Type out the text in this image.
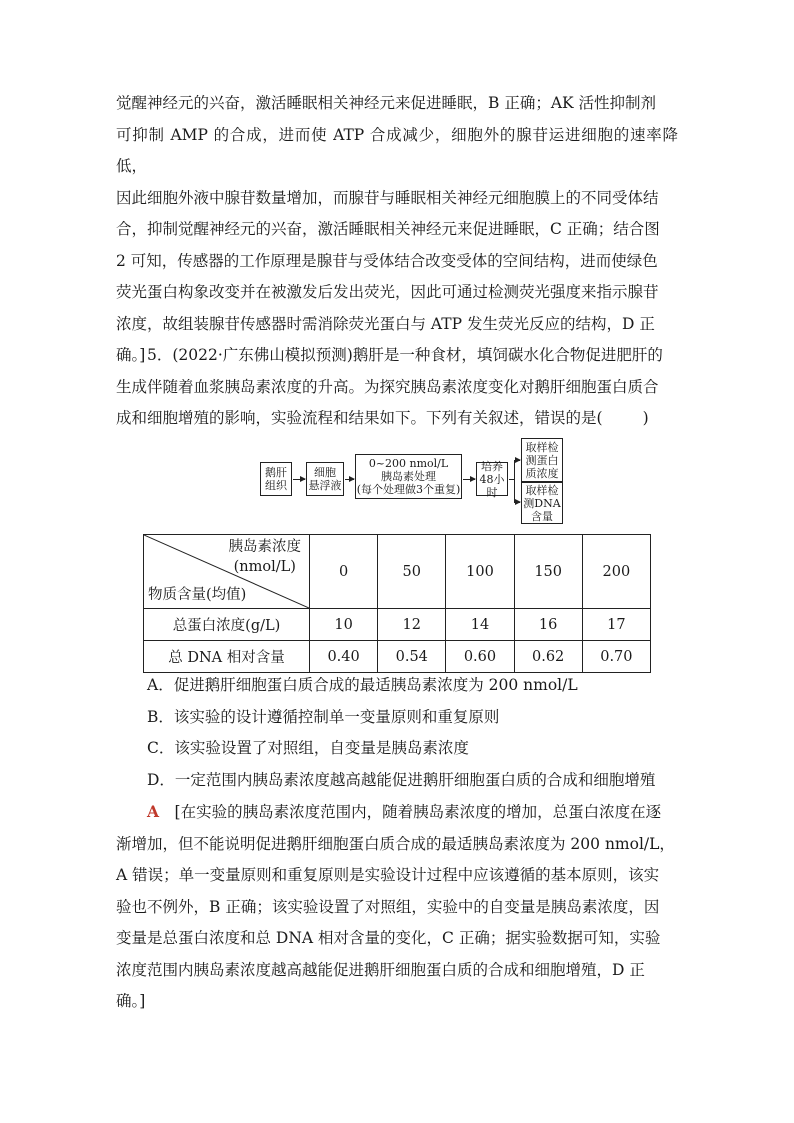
觉醒神经元的兴奋，激活睡眠相关神经元来促进睡眠，B 正确；AK 活性抑制剂
可抑制 AMP 的合成，进而使 ATP 合成减少，细胞外的腺苷运进细胞的速率降低，
因此细胞外液中腺苷数量增加，而腺苷与睡眠相关神经元细胞膜上的不同受体结
合，抑制觉醒神经元的兴奋，激活睡眠相关神经元来促进睡眠，C 正确；结合图
2 可知，传感器的工作原理是腺苷与受体结合改变受体的空间结构，进而使绿色
荧光蛋白构象改变并在被激发后发出荧光，因此可通过检测荧光强度来指示腺苷
浓度，故组装腺苷传感器时需消除荧光蛋白与 ATP 发生荧光反应的结构，D 正
确。] 5．(2022·广东佛山模拟预测)鹅肝是一种食材，填饲碳水化合物促进肥肝的
生成伴随着血浆胰岛素浓度的升高。为探究胰岛素浓度变化对鹅肝细胞蛋白质合
成和细胞增殖的影响，实验流程和结果如下。下列有关叙述，错误的是(	)
鹅肝
组织
细胞
悬浮液
0~200 nmol/L
胰岛素处理
(每个处理做3个重复)
培养
48小时
取样检
测蛋白
质浓度
取样检
测DNA
含量
胰岛素浓度
(nmol/L)
物质含量(均值)	0	50	100	150	200
总蛋白浓度(g/L)	10	12	14	16	17
总 DNA 相对含量	0.40	0.54	0.60	0.62	0.70
A．促进鹅肝细胞蛋白质合成的最适胰岛素浓度为 200 nmol/L
B．该实验的设计遵循控制单一变量原则和重复原则
C．该实验设置了对照组，自变量是胰岛素浓度
D．一定范围内胰岛素浓度越高越能促进鹅肝细胞蛋白质的合成和细胞增殖
A　 [在实验的胰岛素浓度范围内，随着胰岛素浓度的增加，总蛋白浓度在逐
渐增加，但不能说明促进鹅肝细胞蛋白质合成的最适胰岛素浓度为 200 nmol/L，
A 错误；单一变量原则和重复原则是实验设计过程中应该遵循的基本原则，该实
验也不例外，B 正确；该实验设置了对照组，实验中的自变量是胰岛素浓度，因
变量是总蛋白浓度和总 DNA 相对含量的变化，C 正确；据实验数据可知，实验
浓度范围内胰岛素浓度越高越能促进鹅肝细胞蛋白质的合成和细胞增殖，D 正
确。]
